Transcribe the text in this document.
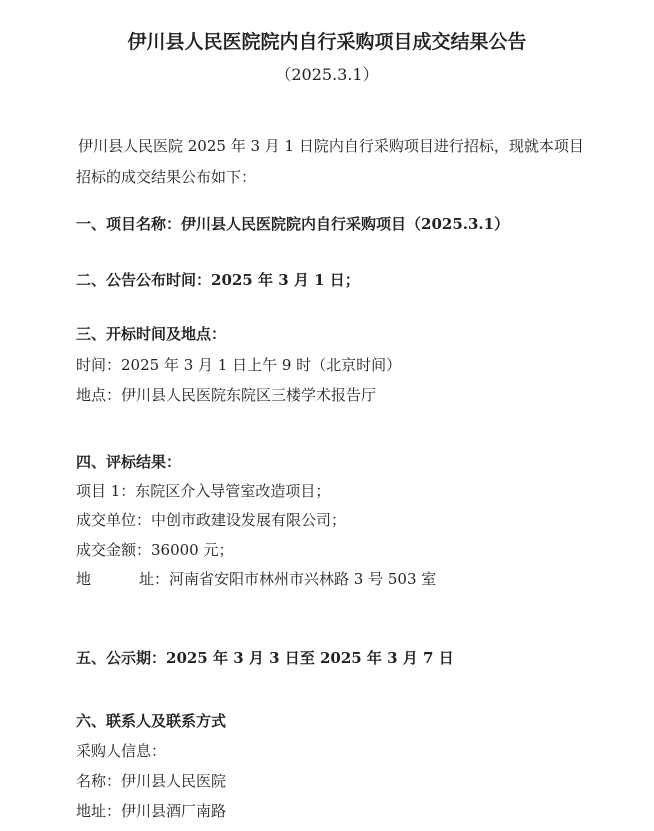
伊川县人民医院院内自行采购项目成交结果公告
（2025.3.1）
伊川县人民医院 2025 年 3 月 1 日院内自行采购项目进行招标，现就本项目
招标的成交结果公布如下：
一、项目名称：伊川县人民医院院内自行采购项目（2025.3.1）
二、公告公布时间：2025 年 3 月 1 日；
三、开标时间及地点：
时间：2025 年 3 月 1 日上午 9 时（北京时间）
地点：伊川县人民医院东院区三楼学术报告厅
四、评标结果：
项目 1：东院区介入导管室改造项目；
成交单位：中创市政建设发展有限公司；
成交金额：36000 元；
地	址：河南省安阳市林州市兴林路 3 号 503 室
五、公示期：2025 年 3 月 3 日至 2025 年 3 月 7 日
六、联系人及联系方式
采购人信息：
名称：伊川县人民医院
地址：伊川县酒厂南路
